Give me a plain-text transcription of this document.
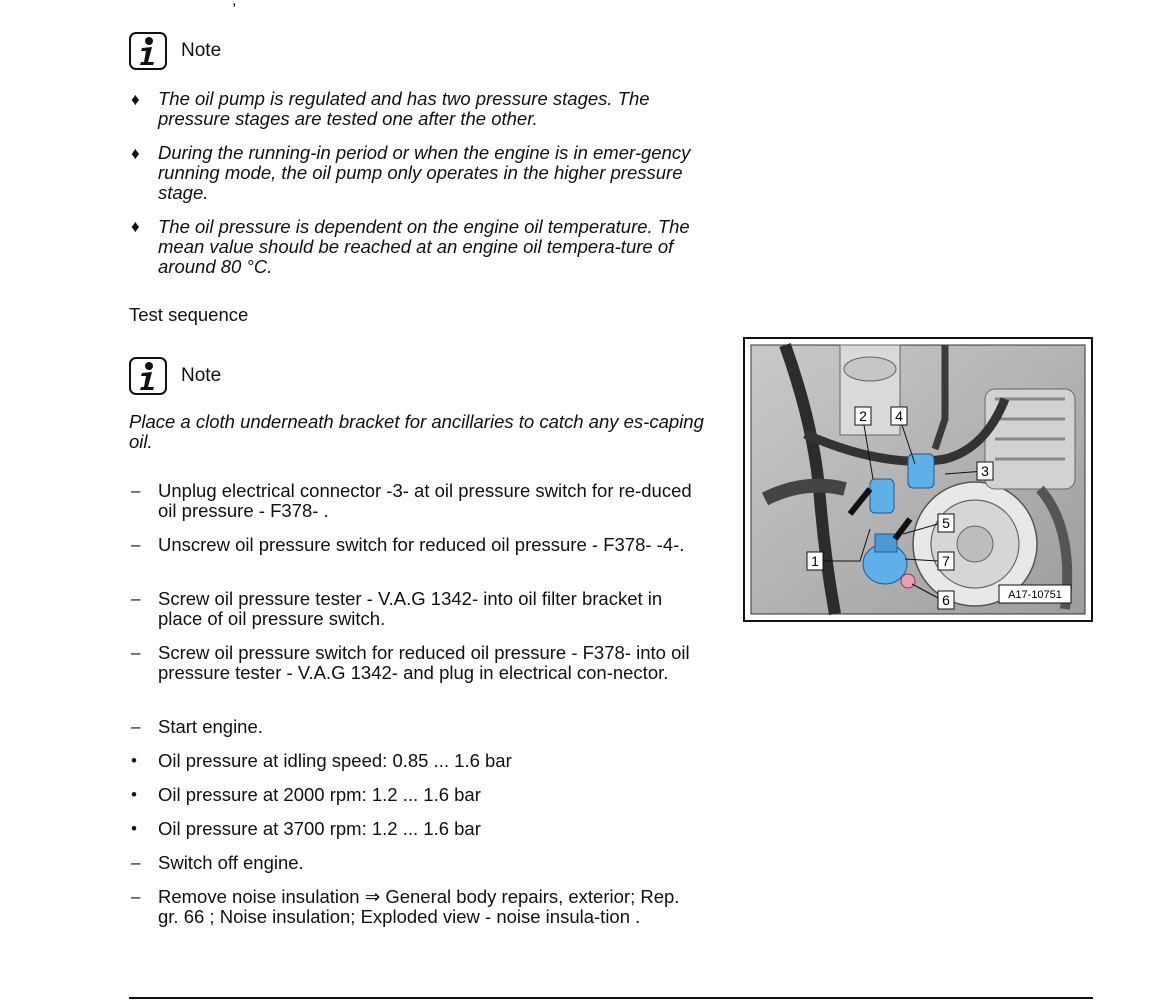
,
Note
♦ The oil pump is regulated and has two pressure stages. The pressure stages are tested one after the other.
♦ During the running-in period or when the engine is in emer-gency running mode, the oil pump only operates in the higher pressure stage.
♦ The oil pressure is dependent on the engine oil temperature. The mean value should be reached at an engine oil tempera-ture of around 80 °C.
Test sequence
Note
Place a cloth underneath bracket for ancillaries to catch any es-caping oil.
– Unplug electrical connector -3- at oil pressure switch for re-duced oil pressure - F378- .
– Unscrew oil pressure switch for reduced oil pressure - F378- -4-.
– Screw oil pressure tester - V.A.G 1342- into oil filter bracket in place of oil pressure switch.
– Screw oil pressure switch for reduced oil pressure - F378- into oil pressure tester - V.A.G 1342- and plug in electrical con-nector.
– Start engine.
•	Oil pressure at idling speed: 0.85 ... 1.6 bar
•	Oil pressure at 2000 rpm: 1.2 ... 1.6 bar
•	Oil pressure at 3700 rpm: 1.2 ... 1.6 bar
– Switch off engine.
– Remove noise insulation ⇒ General body repairs, exterior; Rep. gr. 66 ; Noise insulation; Exploded view - noise insula-tion .
1
2
3
4
5
6
7
A17-10751
